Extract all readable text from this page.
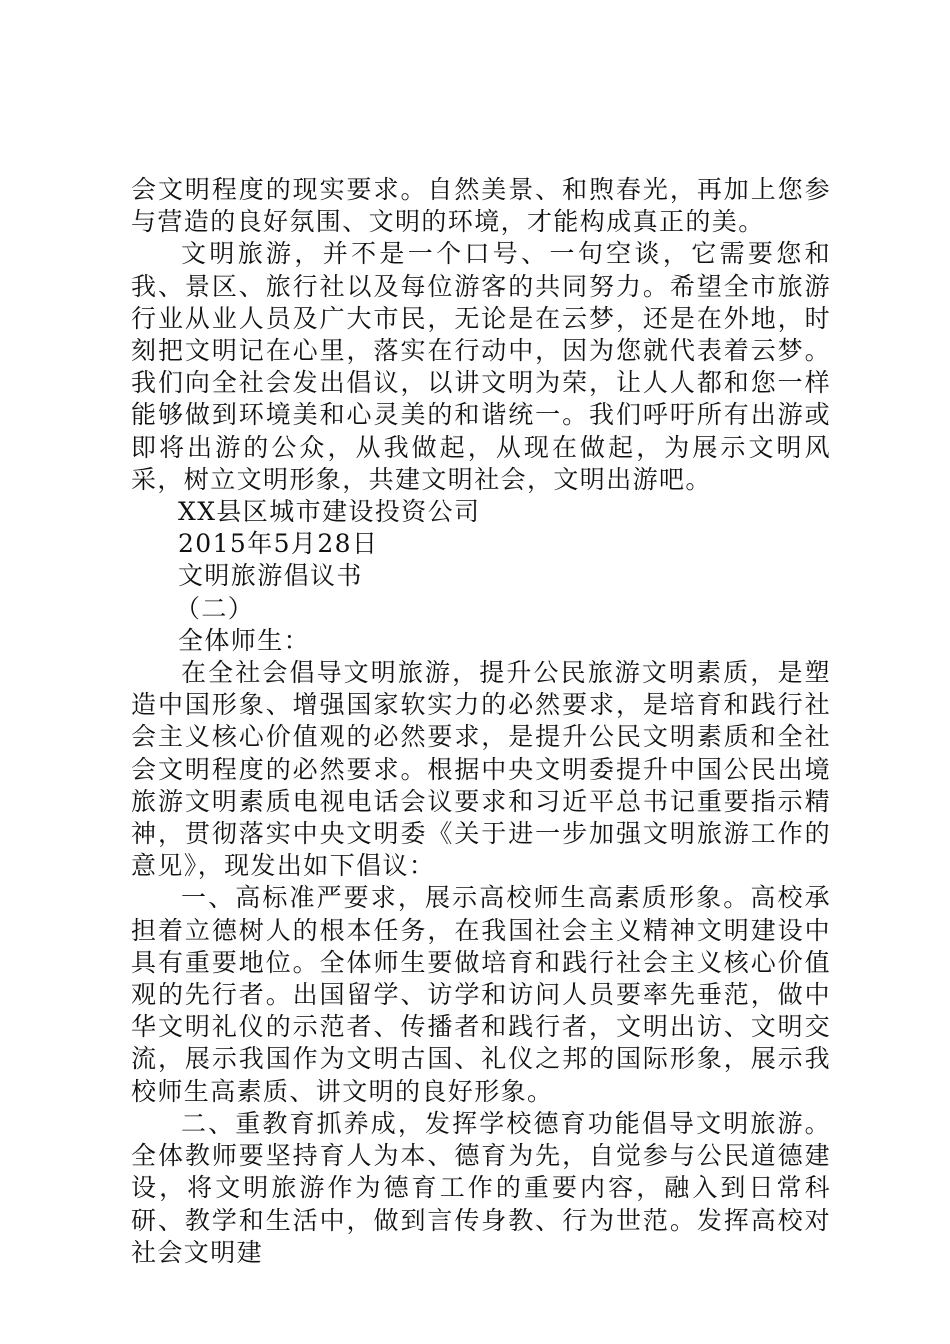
会文明程度的现实要求。自然美景、和煦春光，再加上您参与营造的良好氛围、文明的环境，才能构成真正的美。

文明旅游，并不是一个口号、一句空谈，它需要您和我、景区、旅行社以及每位游客的共同努力。希望全市旅游行业从业人员及广大市民，无论是在云梦，还是在外地，时刻把文明记在心里，落实在行动中，因为您就代表着云梦。我们向全社会发出倡议，以讲文明为荣，让人人都和您一样能够做到环境美和心灵美的和谐统一。我们呼吁所有出游或即将出游的公众，从我做起，从现在做起，为展示文明风采，树立文明形象，共建文明社会，文明出游吧。

XX县区城市建设投资公司

2015年5月28日

文明旅游倡议书

（二）

全体师生：

在全社会倡导文明旅游，提升公民旅游文明素质，是塑造中国形象、增强国家软实力的必然要求，是培育和践行社会主义核心价值观的必然要求，是提升公民文明素质和全社会文明程度的必然要求。根据中央文明委提升中国公民出境旅游文明素质电视电话会议要求和习近平总书记重要指示精神，贯彻落实中央文明委《关于进一步加强文明旅游工作的意见》，现发出如下倡议：

一、高标准严要求，展示高校师生高素质形象。高校承担着立德树人的根本任务，在我国社会主义精神文明建设中具有重要地位。全体师生要做培育和践行社会主义核心价值观的先行者。出国留学、访学和访问人员要率先垂范，做中华文明礼仪的示范者、传播者和践行者，文明出访、文明交流，展示我国作为文明古国、礼仪之邦的国际形象，展示我校师生高素质、讲文明的良好形象。

二、重教育抓养成，发挥学校德育功能倡导文明旅游。全体教师要坚持育人为本、德育为先，自觉参与公民道德建设，将文明旅游作为德育工作的重要内容，融入到日常科研、教学和生活中，做到言传身教、行为世范。发挥高校对社会文明建
